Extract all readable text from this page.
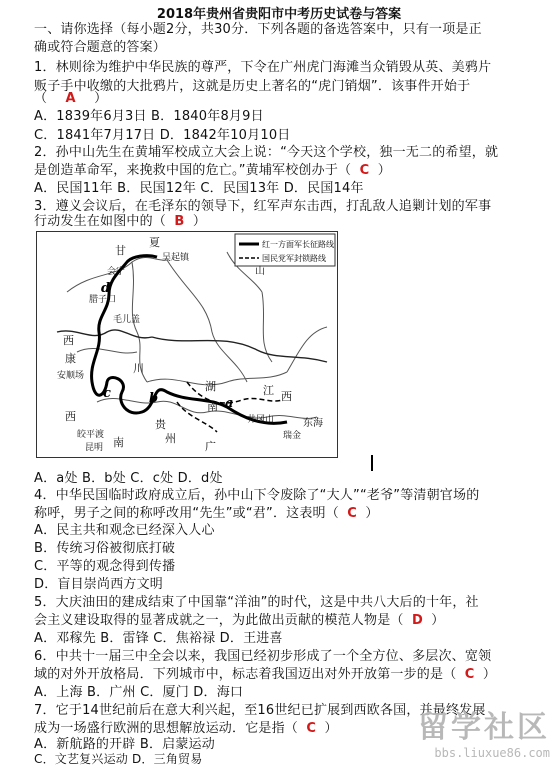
2018年贵州省贵阳市中考历史试卷与答案
一、请你选择（每小题2分，共30分．下列各题的备选答案中，只有一项是正
确或符合题意的答案）
1．林则徐为维护中华民族的尊严，下令在广州虎门海滩当众销毁从英、美鸦片
贩子手中收缴的大批鸦片，这就是历史上著名的“虎门销烟”．该事件开始于
（ A ）
A．1839年6月3日 B．1840年8月9日
C．1841年7月17日 D．1842年10月10日
2．孙中山先生在黄埔军校成立大会上说：“今天这个学校，独一无二的希望，就
是创造革命军，来挽救中国的危亡。”黄埔军校创办于（ C ）
A．民国11年 B．民国12年 C．民国13年 D．民国14年
3．遵义会议后，在毛泽东的领导下，红军声东击西，打乱敌人追剿计划的军事
行动发生在如图中的（ B ）
红一方面军长征路线
国民党军封锁路线
甘
夏
吴起镇
会宁
腊子口
毛儿盖
西
康
安顺场
川
西
湖
南
江 西
贵
州
皎平渡
昆明 南	广
井冈山
瑞金
东海
山
a
b
c
d
A．a处 B．b处 C．c处 D．d处
4．中华民国临时政府成立后，孙中山下令废除了“大人”“老爷”等清朝官场的
称呼，男子之间的称呼改用“先生”或“君”．这表明（ C ）
A．民主共和观念已经深入人心
B．传统习俗被彻底打破
C．平等的观念得到传播
D．盲目崇尚西方文明
5．大庆油田的建成结束了中国靠“洋油”的时代，这是中共八大后的十年，社
会主义建设取得的显著成就之一，为此做出贡献的模范人物是（ D ）
A．邓稼先 B．雷锋 C．焦裕禄 D．王进喜
6．中共十一届三中全会以来，我国已经初步形成了一个全方位、多层次、宽领
域的对外开放格局．下列城市中，标志着我国迈出对外开放第一步的是（ C ）
A．上海 B．广州 C．厦门 D．海口
7．它于14世纪前后在意大利兴起，至16世纪已扩展到西欧各国，并最终发展
成为一场盛行欧洲的思想解放运动．它是指（ C ）
A．新航路的开辟 B．启蒙运动
C．文艺复兴运动 D．三角贸易
留学社区
bbs.liuxue86.com
